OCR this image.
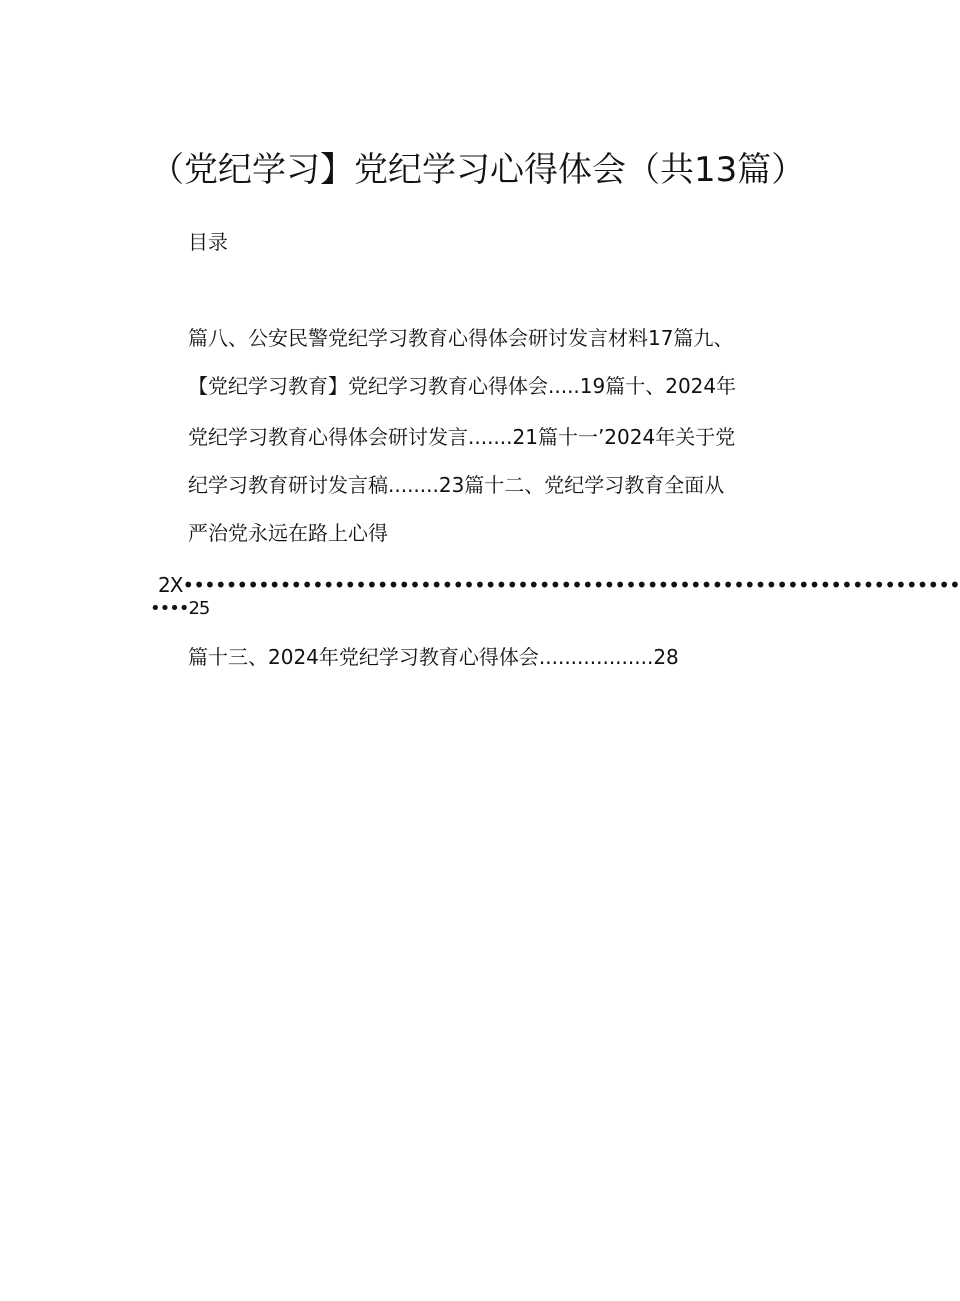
（党纪学习】党纪学习心得体会（共13篇）

目录

篇八、公安民警党纪学习教育心得体会研讨发言材料17篇九、

【党纪学习教育】党纪学习教育心得体会.....19篇十、2024年

党纪学习教育心得体会研讨发言.......21篇十一’2024年关于党

纪学习教育研讨发言稿........23篇十二、党纪学习教育全面从

严治党永远在路上心得

2X••••••••••••••••••••••••••••••••••••••••••••••••••••••••••••••••••••••••

••••25

篇十三、2024年党纪学习教育心得体会..................28
